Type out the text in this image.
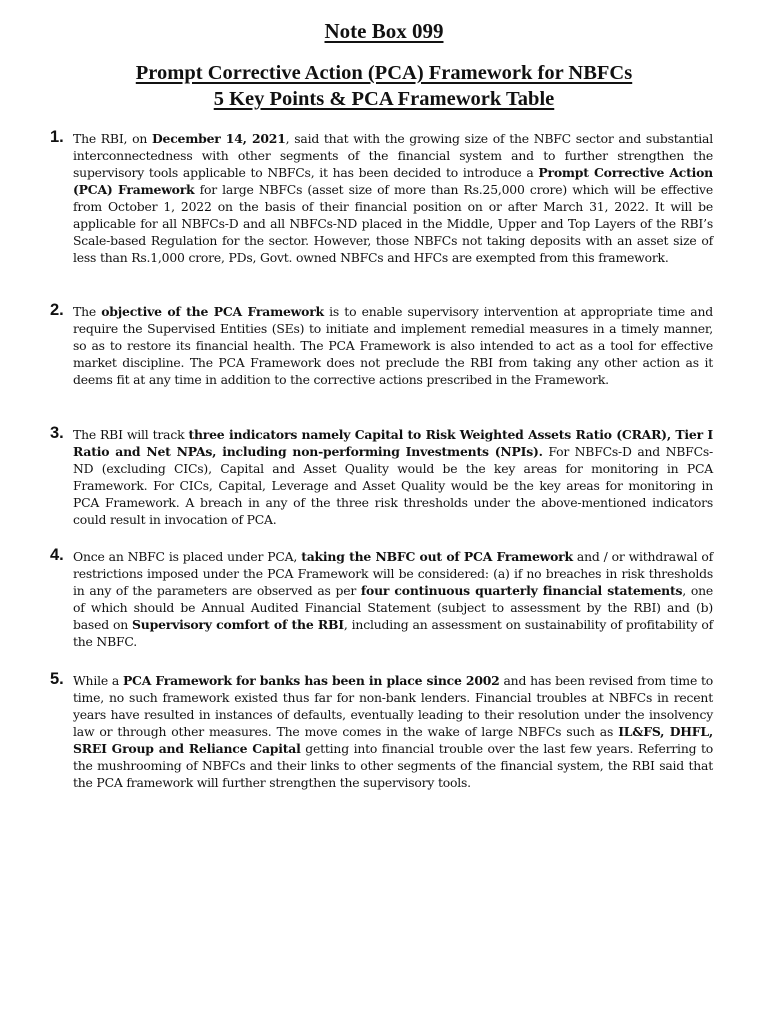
Note Box 099
Prompt Corrective Action (PCA) Framework for NBFCs
5 Key Points & PCA Framework Table
1. The RBI, on December 14, 2021, said that with the growing size of the NBFC sector and substantial interconnectedness with other segments of the financial system and to further strengthen the supervisory tools applicable to NBFCs, it has been decided to introduce a Prompt Corrective Action (PCA) Framework for large NBFCs (asset size of more than Rs.25,000 crore) which will be effective from October 1, 2022 on the basis of their financial position on or after March 31, 2022. It will be applicable for all NBFCs-D and all NBFCs-ND placed in the Middle, Upper and Top Layers of the RBI’s Scale-based Regulation for the sector. However, those NBFCs not taking deposits with an asset size of less than Rs.1,000 crore, PDs, Govt. owned NBFCs and HFCs are exempted from this framework.
2. The objective of the PCA Framework is to enable supervisory intervention at appropriate time and require the Supervised Entities (SEs) to initiate and implement remedial measures in a timely manner, so as to restore its financial health. The PCA Framework is also intended to act as a tool for effective market discipline. The PCA Framework does not preclude the RBI from taking any other action as it deems fit at any time in addition to the corrective actions prescribed in the Framework.
3. The RBI will track three indicators namely Capital to Risk Weighted Assets Ratio (CRAR), Tier I Ratio and Net NPAs, including non-performing Investments (NPIs). For NBFCs-D and NBFCs-ND (excluding CICs), Capital and Asset Quality would be the key areas for monitoring in PCA Framework. For CICs, Capital, Leverage and Asset Quality would be the key areas for monitoring in PCA Framework. A breach in any of the three risk thresholds under the above-mentioned indicators could result in invocation of PCA.
4. Once an NBFC is placed under PCA, taking the NBFC out of PCA Framework and / or withdrawal of restrictions imposed under the PCA Framework will be considered: (a) if no breaches in risk thresholds in any of the parameters are observed as per four continuous quarterly financial statements, one of which should be Annual Audited Financial Statement (subject to assessment by the RBI) and (b) based on Supervisory comfort of the RBI, including an assessment on sustainability of profitability of the NBFC.
5. While a PCA Framework for banks has been in place since 2002 and has been revised from time to time, no such framework existed thus far for non-bank lenders. Financial troubles at NBFCs in recent years have resulted in instances of defaults, eventually leading to their resolution under the insolvency law or through other measures. The move comes in the wake of large NBFCs such as IL&FS, DHFL, SREI Group and Reliance Capital getting into financial trouble over the last few years. Referring to the mushrooming of NBFCs and their links to other segments of the financial system, the RBI said that the PCA framework will further strengthen the supervisory tools.
